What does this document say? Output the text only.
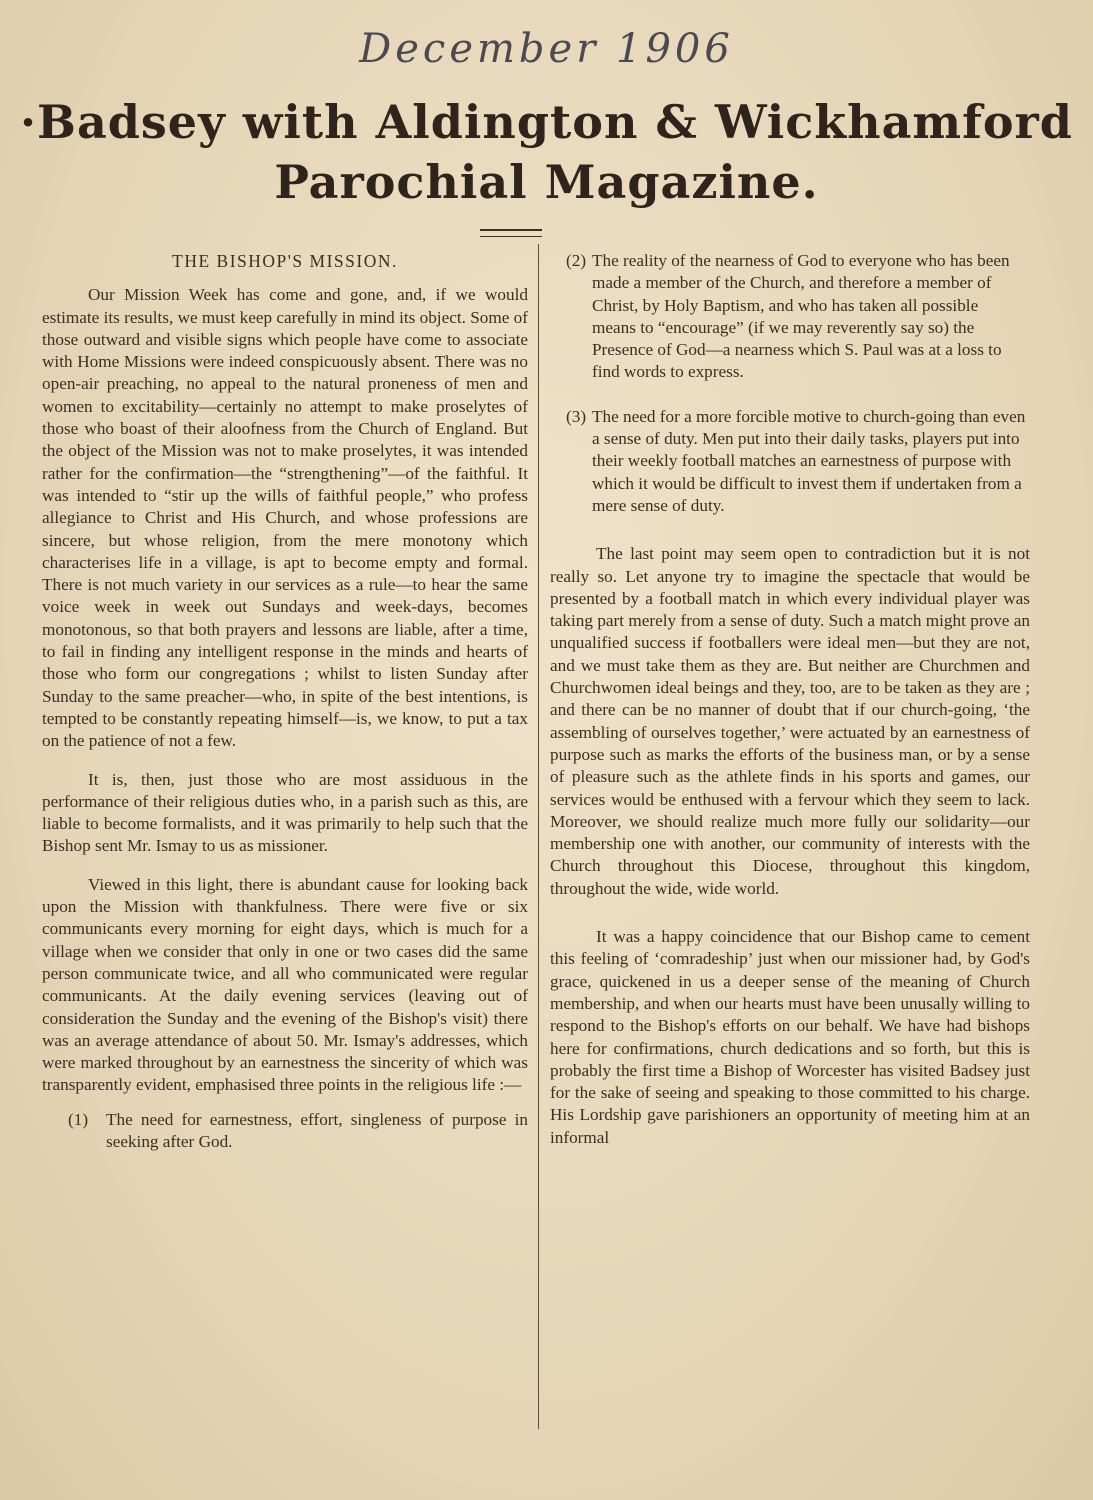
December 1906
·Badsey with Aldington & Wickhamford
Parochial Magazine.
THE BISHOP'S MISSION.

Our Mission Week has come and gone, and, if we would estimate its results, we must keep carefully in mind its object. Some of those outward and visible signs which people have come to associate with Home Missions were indeed conspicuously absent. There was no open-air preaching, no appeal to the natural proneness of men and women to excitability—certainly no attempt to make proselytes of those who boast of their aloofness from the Church of England. But the object of the Mission was not to make proselytes, it was intended rather for the confirmation—the “strengthening”—of the faithful. It was intended to “stir up the wills of faithful people,” who profess allegiance to Christ and His Church, and whose professions are sincere, but whose religion, from the mere monotony which characterises life in a village, is apt to become empty and formal. There is not much variety in our services as a rule—to hear the same voice week in week out Sundays and week-days, becomes monotonous, so that both prayers and lessons are liable, after a time, to fail in finding any intelligent response in the minds and hearts of those who form our congregations ; whilst to listen Sunday after Sunday to the same preacher—who, in spite of the best intentions, is tempted to be constantly repeating himself—is, we know, to put a tax on the patience of not a few.

It is, then, just those who are most assiduous in the performance of their religious duties who, in a parish such as this, are liable to become formalists, and it was primarily to help such that the Bishop sent Mr. Ismay to us as missioner.

Viewed in this light, there is abundant cause for looking back upon the Mission with thankfulness. There were five or six communicants every morning for eight days, which is much for a village when we consider that only in one or two cases did the same person communicate twice, and all who communicated were regular communicants. At the daily evening services (leaving out of consideration the Sunday and the evening of the Bishop's visit) there was an average attendance of about 50. Mr. Ismay's addresses, which were marked throughout by an earnestness the sincerity of which was transparently evident, emphasised three points in the religious life :—

(1)	The need for earnestness, effort, singleness of purpose in seeking after God.
(2) The reality of the nearness of God to everyone who has been made a member of the Church, and therefore a member of Christ, by Holy Baptism, and who has taken all possible means to “encourage” (if we may reverently say so) the Presence of God—a nearness which S. Paul was at a loss to find words to express.
(3) The need for a more forcible motive to church-going than even a sense of duty. Men put into their daily tasks, players put into their weekly football matches an earnestness of purpose with which it would be difficult to invest them if undertaken from a mere sense of duty.

The last point may seem open to contradiction but it is not really so. Let anyone try to imagine the spectacle that would be presented by a football match in which every individual player was taking part merely from a sense of duty. Such a match might prove an unqualified success if footballers were ideal men—but they are not, and we must take them as they are. But neither are Churchmen and Churchwomen ideal beings and they, too, are to be taken as they are ; and there can be no manner of doubt that if our church-going, ‘the assembling of ourselves together,’ were actuated by an earnestness of purpose such as marks the efforts of the business man, or by a sense of pleasure such as the athlete finds in his sports and games, our services would be enthused with a fervour which they seem to lack. Moreover, we should realize much more fully our solidarity—our membership one with another, our community of interests with the Church throughout this Diocese, throughout this kingdom, throughout the wide, wide world.

It was a happy coincidence that our Bishop came to cement this feeling of ‘comradeship’ just when our missioner had, by God's grace, quickened in us a deeper sense of the meaning of Church membership, and when our hearts must have been unusally willing to respond to the Bishop's efforts on our behalf. We have had bishops here for confirmations, church dedications and so forth, but this is probably the first time a Bishop of Worcester has visited Badsey just for the sake of seeing and speaking to those committed to his charge. His Lordship gave parishioners an opportunity of meeting him at an informal
